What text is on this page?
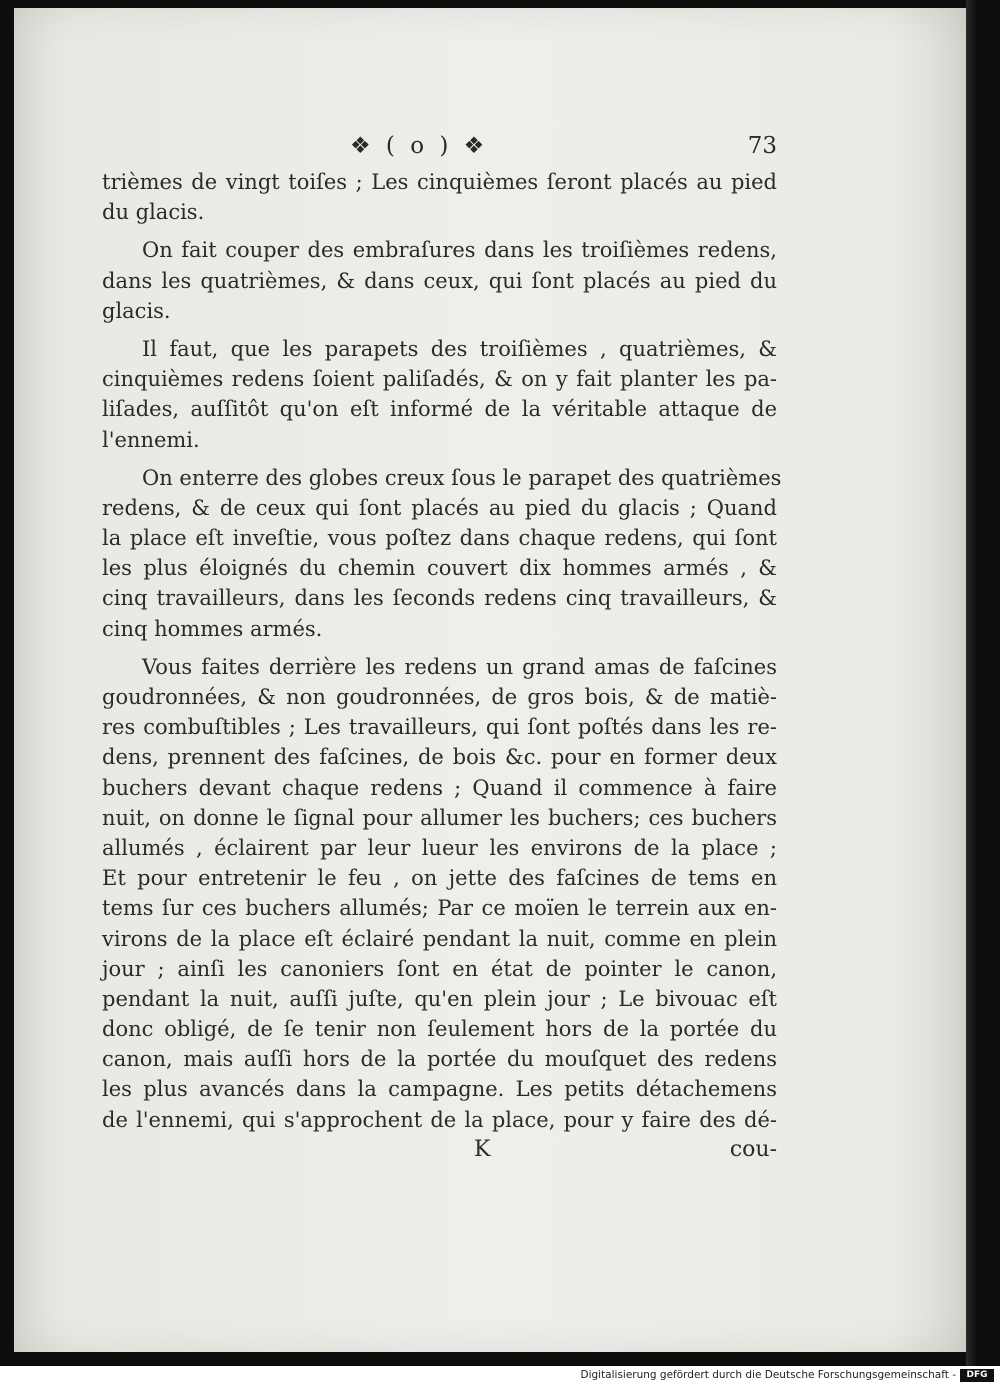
❖ ( o ) ❖	73
trièmes de vingt toiſes ; Les cinquièmes ſeront placés au pied
du glacis.
On fait couper des embraſures dans les troiſièmes redens,
dans les quatrièmes, & dans ceux, qui ſont placés au pied du
glacis.
Il faut, que les parapets des troiſièmes , quatrièmes, &
cinquièmes redens ſoient paliſadés, & on y fait planter les pa-
liſades, auſſitôt qu'on eſt informé de la véritable attaque de
l'ennemi.
On enterre des globes creux ſous le parapet des quatrièmes
redens, & de ceux qui ſont placés au pied du glacis ; Quand
la place eſt inveſtie, vous poſtez dans chaque redens, qui ſont
les plus éloignés du chemin couvert dix hommes armés , &
cinq travailleurs, dans les ſeconds redens cinq travailleurs, &
cinq hommes armés.
Vous faites derrière les redens un grand amas de faſcines
goudronnées, & non goudronnées, de gros bois, & de matiè-
res combuſtibles ; Les travailleurs, qui ſont poſtés dans les re-
dens, prennent des faſcines, de bois &c. pour en former deux
buchers devant chaque redens ; Quand il commence à faire
nuit, on donne le ſignal pour allumer les buchers; ces buchers
allumés , éclairent par leur lueur les environs de la place ;
Et pour entretenir le feu , on jette des faſcines de tems en
tems ſur ces buchers allumés; Par ce moïen le terrein aux en-
virons de la place eſt éclairé pendant la nuit, comme en plein
jour ; ainſi les canoniers ſont en état de pointer le canon,
pendant la nuit, auſſi juſte, qu'en plein jour ; Le bivouac eſt
donc obligé, de ſe tenir non ſeulement hors de la portée du
canon, mais auſſi hors de la portée du mouſquet des redens
les plus avancés dans la campagne. Les petits détachemens
de l'ennemi, qui s'approchent de la place, pour y faire des dé-
K	cou-
Digitalisierung gefördert durch die Deutsche Forschungsgemeinschaft -	DFG
